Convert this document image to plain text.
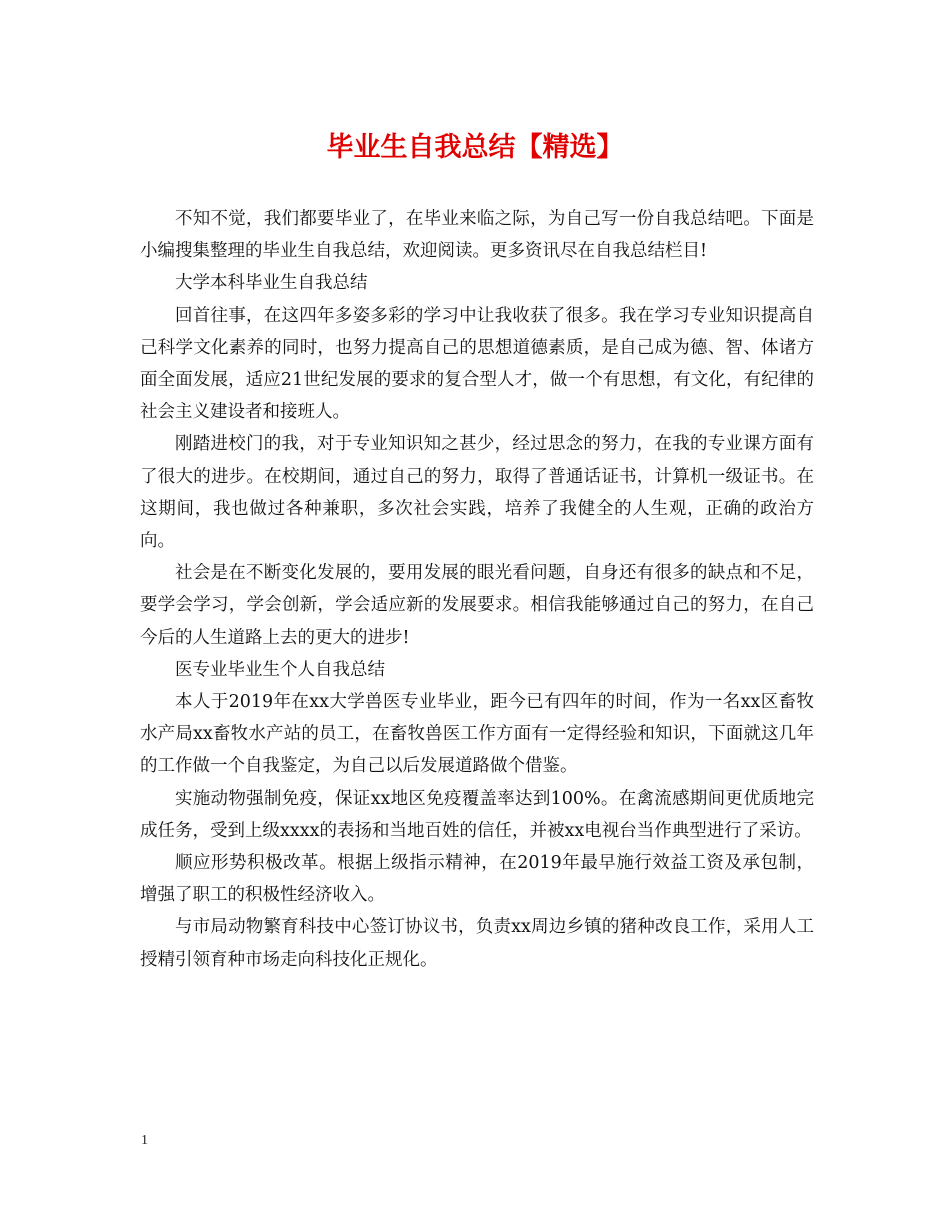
毕业生自我总结【精选】

不知不觉，我们都要毕业了，在毕业来临之际，为自己写一份自我总结吧。下面是小编搜集整理的毕业生自我总结，欢迎阅读。更多资讯尽在自我总结栏目!

大学本科毕业生自我总结

回首往事，在这四年多姿多彩的学习中让我收获了很多。我在学习专业知识提高自己科学文化素养的同时，也努力提高自己的思想道德素质，是自己成为德、智、体诸方面全面发展，适应21世纪发展的要求的复合型人才，做一个有思想，有文化，有纪律的社会主义建设者和接班人。

刚踏进校门的我，对于专业知识知之甚少，经过思念的努力，在我的专业课方面有了很大的进步。在校期间，通过自己的努力，取得了普通话证书，计算机一级证书。在这期间，我也做过各种兼职，多次社会实践，培养了我健全的人生观，正确的政治方向。

社会是在不断变化发展的，要用发展的眼光看问题，自身还有很多的缺点和不足，要学会学习，学会创新，学会适应新的发展要求。相信我能够通过自己的努力，在自己今后的人生道路上去的更大的进步!

医专业毕业生个人自我总结

本人于2019年在xx大学兽医专业毕业，距今已有四年的时间，作为一名xx区畜牧水产局xx畜牧水产站的员工，在畜牧兽医工作方面有一定得经验和知识，下面就这几年的工作做一个自我鉴定，为自己以后发展道路做个借鉴。

实施动物强制免疫，保证xx地区免疫覆盖率达到100%。在禽流感期间更优质地完成任务，受到上级xxxx的表扬和当地百姓的信任，并被xx电视台当作典型进行了采访。

顺应形势积极改革。根据上级指示精神，在2019年最早施行效益工资及承包制，增强了职工的积极性经济收入。

与市局动物繁育科技中心签订协议书，负责xx周边乡镇的猪种改良工作，采用人工授精引领育种市场走向科技化正规化。

1
